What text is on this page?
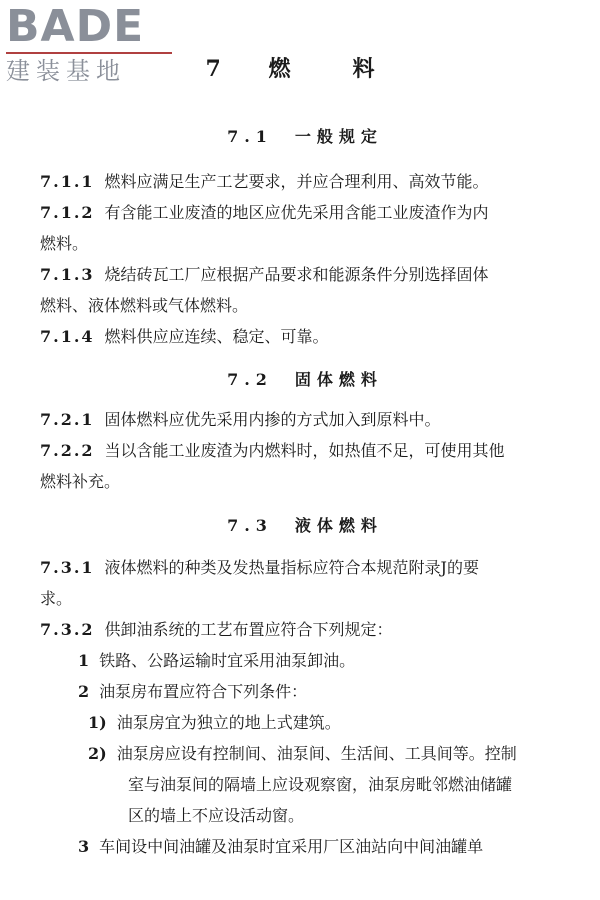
BADE
建装基地	7 燃　料

7.1　一般规定

7.1.1 燃料应满足生产工艺要求，并应合理利用、高效节能。

7.1.2 有含能工业废渣的地区应优先采用含能工业废渣作为内

燃料。

7.1.3 烧结砖瓦工厂应根据产品要求和能源条件分别选择固体

燃料、液体燃料或气体燃料。

7.1.4 燃料供应应连续、稳定、可靠。

7.2　固体燃料

7.2.1 固体燃料应优先采用内掺的方式加入到原料中。

7.2.2 当以含能工业废渣为内燃料时，如热值不足，可使用其他

燃料补充。

7.3　液体燃料

7.3.1 液体燃料的种类及发热量指标应符合本规范附录J的要

求。

7.3.2 供卸油系统的工艺布置应符合下列规定：

1 铁路、公路运输时宜采用油泵卸油。

2 油泵房布置应符合下列条件：

1) 油泵房宜为独立的地上式建筑。

2) 油泵房应设有控制间、油泵间、生活间、工具间等。控制

室与油泵间的隔墙上应设观察窗，油泵房毗邻燃油储罐

区的墙上不应设活动窗。

3 车间设中间油罐及油泵时宜采用厂区油站向中间油罐单
